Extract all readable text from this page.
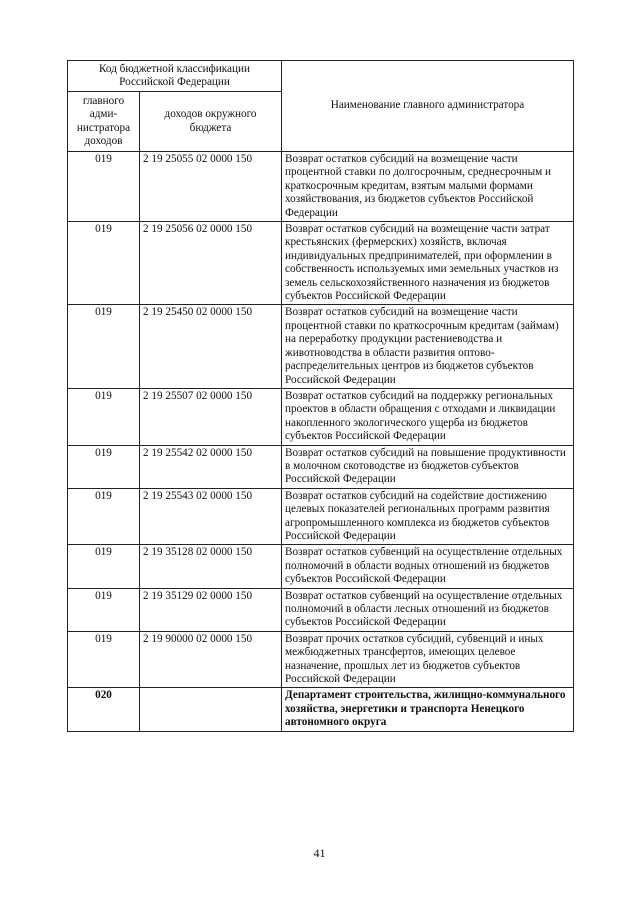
Код бюджетной классификации Российской Федерации		Наименование главного администратора
главного адми-нистратора доходов	доходов окружного бюджета	
019	2 19 25055 02 0000 150	Возврат остатков субсидий на возмещение части процентной ставки по долгосрочным, среднесрочным и краткосрочным кредитам, взятым малыми формами хозяйствования, из бюджетов субъектов Российской Федерации
019	2 19 25056 02 0000 150	Возврат остатков субсидий на возмещение части затрат крестьянских (фермерских) хозяйств, включая индивидуальных предпринимателей, при оформлении в собственность используемых ими земельных участков из земель сельскохозяйственного назначения из бюджетов субъектов Российской Федерации
019	2 19 25450 02 0000 150	Возврат остатков субсидий на возмещение части процентной ставки по краткосрочным кредитам (займам) на переработку продукции растениеводства и животноводства в области развития оптово-распределительных центров из бюджетов субъектов Российской Федерации
019	2 19 25507 02 0000 150	Возврат остатков субсидий на поддержку региональных проектов в области обращения с отходами и ликвидации накопленного экологического ущерба из бюджетов субъектов Российской Федерации
019	2 19 25542 02 0000 150	Возврат остатков субсидий на повышение продуктивности в молочном скотоводстве из бюджетов субъектов Российской Федерации
019	2 19 25543 02 0000 150	Возврат остатков субсидий на содействие достижению целевых показателей региональных программ развития агропромышленного комплекса из бюджетов субъектов Российской Федерации
019	2 19 35128 02 0000 150	Возврат остатков субвенций на осуществление отдельных полномочий в области водных отношений из бюджетов субъектов Российской Федерации
019	2 19 35129 02 0000 150	Возврат остатков субвенций на осуществление отдельных полномочий в области лесных отношений из бюджетов субъектов Российской Федерации
019	2 19 90000 02 0000 150	Возврат прочих остатков субсидий, субвенций и иных межбюджетных трансфертов, имеющих целевое назначение, прошлых лет из бюджетов субъектов Российской Федерации
020		Департамент строительства, жилищно-коммунального хозяйства, энергетики и транспорта Ненецкого автономного округа
41
